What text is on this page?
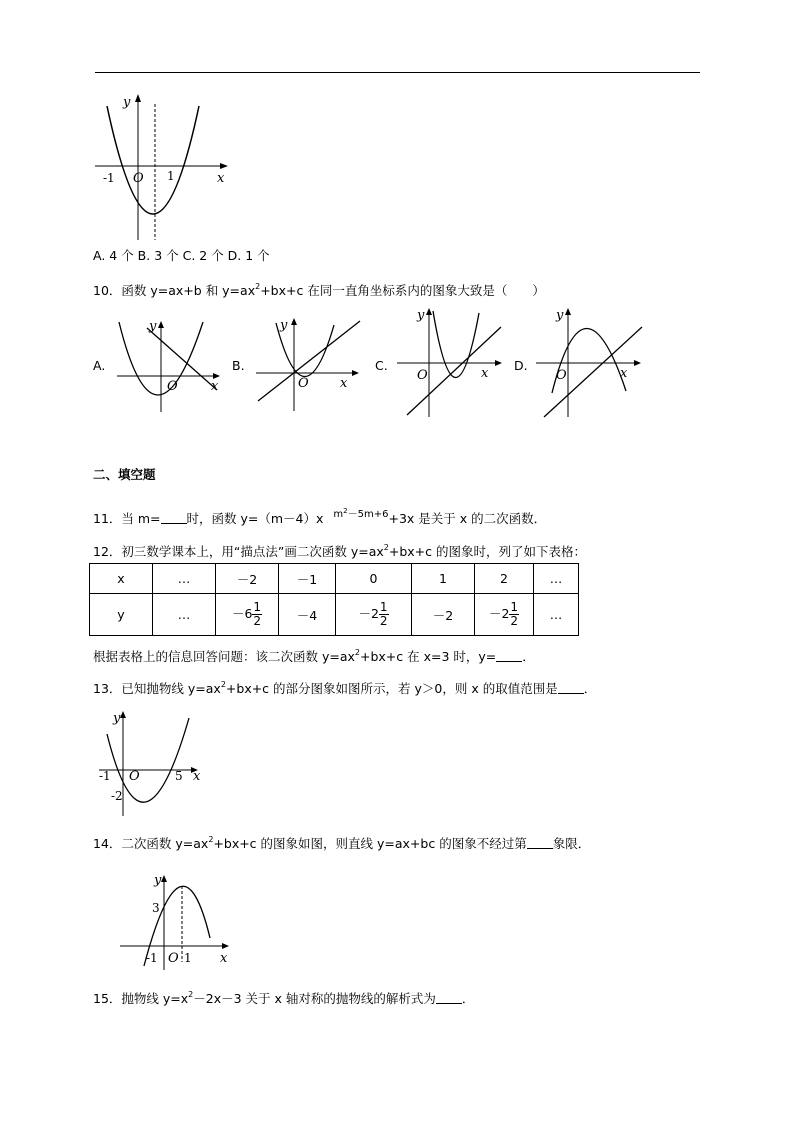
y
x
O
-1	1
A. 4 个 B. 3 个 C. 2 个 D. 1 个
10．函数 y=ax+b 和 $y=ax^2+bx+c$ 在同一直角坐标系内的图象大致是（　　）
A.
y
O	x
B.
y
O x
C.
y
O	x
D.
y
O	x
二、填空题
11．当 m= 时，函数 y=（m－4）x $m^2-5m+6+3x$ 是关于 x 的二次函数．
12．初三数学课本上，用“描点法”画二次函数 $y=ax^2+bx+c$ 的图象时，列了如下表格：
x	…	－2	－1	0	1	2	…
y	…	$-6 \frac{1}{2}$	－4	$-2 \frac{1}{2}$	－2	$-2 \frac{1}{2}$	…
根据表格上的信息回答问题：该二次函数 $y=ax^2+bx+c$ 在 x=3 时，y= ．
13．已知抛物线 $y=ax^2+bx+c$ 的部分图象如图所示，若 y＞0，则 x 的取值范围是 ．
y
x
O
-1	5
-2
14．二次函数 $y=ax^2+bx+c$ 的图象如图，则直线 y=ax+bc 的图象不经过第 象限．
y
x
O
-1 1
3
15．抛物线 $y=x^2-2x-3$ 关于 x 轴对称的抛物线的解析式为 ．
